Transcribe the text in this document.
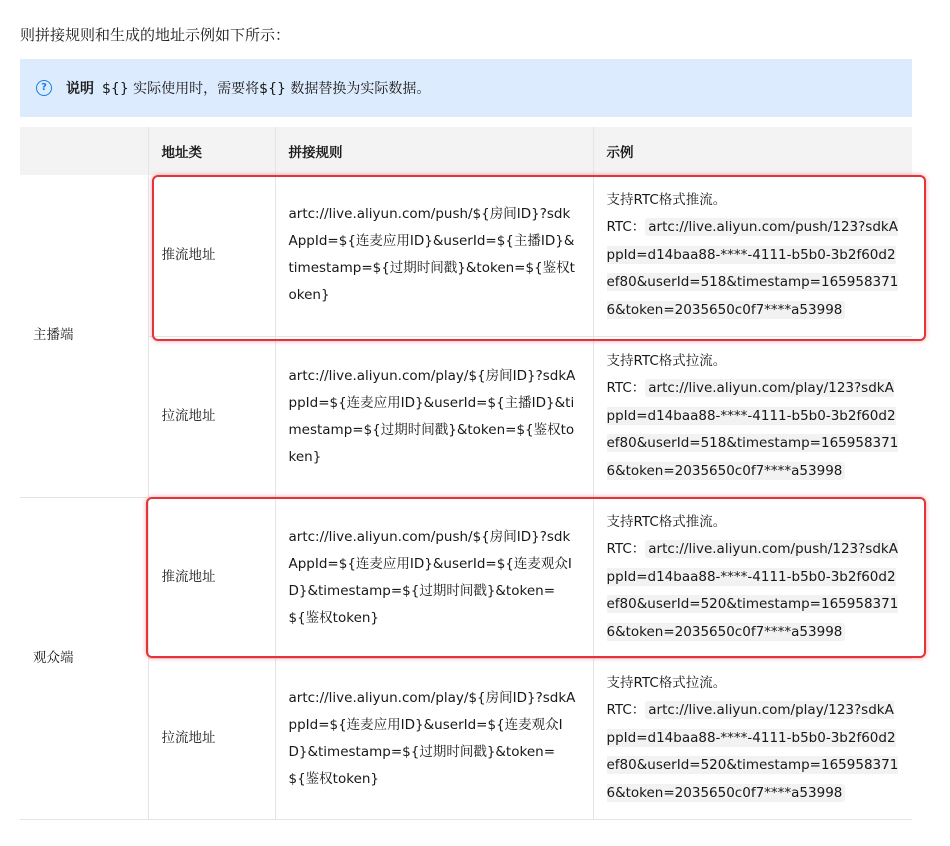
则拼接规则和生成的地址示例如下所示：
?	说明 ${} 实际使用时，需要将${} 数据替换为实际数据。
	地址类	拼接规则	示例
主播端	推流地址	artc://live.aliyun.com/push/${房间ID}?sdkAppId=${连麦应用ID}&userId=${主播ID}&timestamp=${过期时间戳}&token=${鉴权token}	支持RTC格式推流。
RTC： artc://live.aliyun.com/push/123?sdkAppId=d14baa88-****-4111-b5b0-3b2f60d2ef80&userId=518&timestamp=1659583716&token=2035650c0f7****a53998

	拉流地址	artc://live.aliyun.com/play/${房间ID}?sdkAppId=${连麦应用ID}&userId=${主播ID}&timestamp=${过期时间戳}&token=${鉴权token}	支持RTC格式拉流。
RTC： artc://live.aliyun.com/play/123?sdkAppId=d14baa88-****-4111-b5b0-3b2f60d2ef80&userId=518&timestamp=1659583716&token=2035650c0f7****a53998

观众端	推流地址	artc://live.aliyun.com/push/${房间ID}?sdkAppId=${连麦应用ID}&userId=${连麦观众ID}&timestamp=${过期时间戳}&token=${鉴权token}	支持RTC格式推流。
RTC： artc://live.aliyun.com/push/123?sdkAppId=d14baa88-****-4111-b5b0-3b2f60d2ef80&userId=520&timestamp=1659583716&token=2035650c0f7****a53998

	拉流地址	artc://live.aliyun.com/play/${房间ID}?sdkAppId=${连麦应用ID}&userId=${连麦观众ID}&timestamp=${过期时间戳}&token=${鉴权token}	支持RTC格式拉流。
RTC： artc://live.aliyun.com/play/123?sdkAppId=d14baa88-****-4111-b5b0-3b2f60d2ef80&userId=520&timestamp=1659583716&token=2035650c0f7****a53998
